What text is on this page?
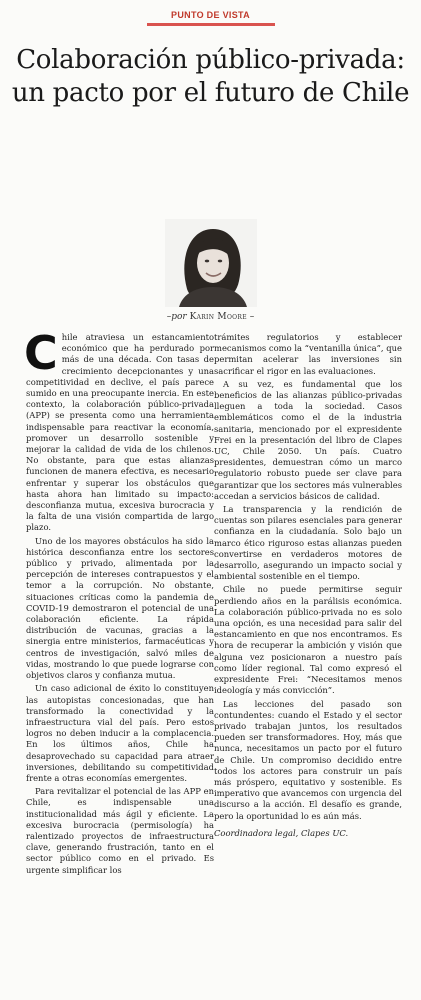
PUNTO DE VISTA
Colaboración público-privada: un pacto por el futuro de Chile
–por Karin Moore –

Chile atraviesa un estancamiento económico que ha perdurado por más de una década. Con tasas de crecimiento decepcionantes y una competitividad en declive, el país parece sumido en una preocupante inercia. En este contexto, la colaboración público-privada (APP) se presenta como una herramienta indispensable para reactivar la economía, promover un desarrollo sostenible y mejorar la calidad de vida de los chilenos. No obstante, para que estas alianzas funcionen de manera efectiva, es necesario enfrentar y superar los obstáculos que hasta ahora han limitado su impacto: desconfianza mutua, excesiva burocracia y la falta de una visión compartida de largo plazo.

Uno de los mayores obstáculos ha sido la histórica desconfianza entre los sectores público y privado, alimentada por la percepción de intereses contrapuestos y el temor a la corrupción. No obstante, situaciones críticas como la pandemia de COVID-19 demostraron el potencial de una colaboración eficiente. La rápida distribución de vacunas, gracias a la sinergia entre ministerios, farmacéuticas y centros de investigación, salvó miles de vidas, mostrando lo que puede lograrse con objetivos claros y confianza mutua.

Un caso adicional de éxito lo constituyen las autopistas concesionadas, que han transformado la conectividad y la infraestructura vial del país. Pero estos logros no deben inducir a la complacencia. En los últimos años, Chile ha desaprovechado su capacidad para atraer inversiones, debilitando su competitividad frente a otras economías emergentes.

Para revitalizar el potencial de las APP en Chile, es indispensable una institucionalidad más ágil y eficiente. La excesiva burocracia (permisología) ha ralentizado proyectos de infraestructura clave, generando frustración, tanto en el sector público como en el privado. Es urgente simplificar los

trámites regulatorios y establecer mecanismos como la “ventanilla única”, que permitan acelerar las inversiones sin sacrificar el rigor en las evaluaciones.

A su vez, es fundamental que los beneficios de las alianzas público-privadas lleguen a toda la sociedad. Casos emblemáticos como el de la industria sanitaria, mencionado por el expresidente Frei en la presentación del libro de Clapes UC, Chile 2050. Un país. Cuatro presidentes, demuestran cómo un marco regulatorio robusto puede ser clave para garantizar que los sectores más vulnerables accedan a servicios básicos de calidad.

La transparencia y la rendición de cuentas son pilares esenciales para generar confianza en la ciudadanía. Solo bajo un marco ético riguroso estas alianzas pueden convertirse en verdaderos motores de desarrollo, asegurando un impacto social y ambiental sostenible en el tiempo.

Chile no puede permitirse seguir perdiendo años en la parálisis económica. La colaboración público-privada no es solo una opción, es una necesidad para salir del estancamiento en que nos encontramos. Es hora de recuperar la ambición y visión que alguna vez posicionaron a nuestro país como líder regional. Tal como expresó el expresidente Frei: “Necesitamos menos ideología y más convicción”.

Las lecciones del pasado son contundentes: cuando el Estado y el sector privado trabajan juntos, los resultados pueden ser transformadores. Hoy, más que nunca, necesitamos un pacto por el futuro de Chile. Un compromiso decidido entre todos los actores para construir un país más próspero, equitativo y sostenible. Es imperativo que avancemos con urgencia del discurso a la acción. El desafío es grande, pero la oportunidad lo es aún más.

Coordinadora legal, Clapes UC.
